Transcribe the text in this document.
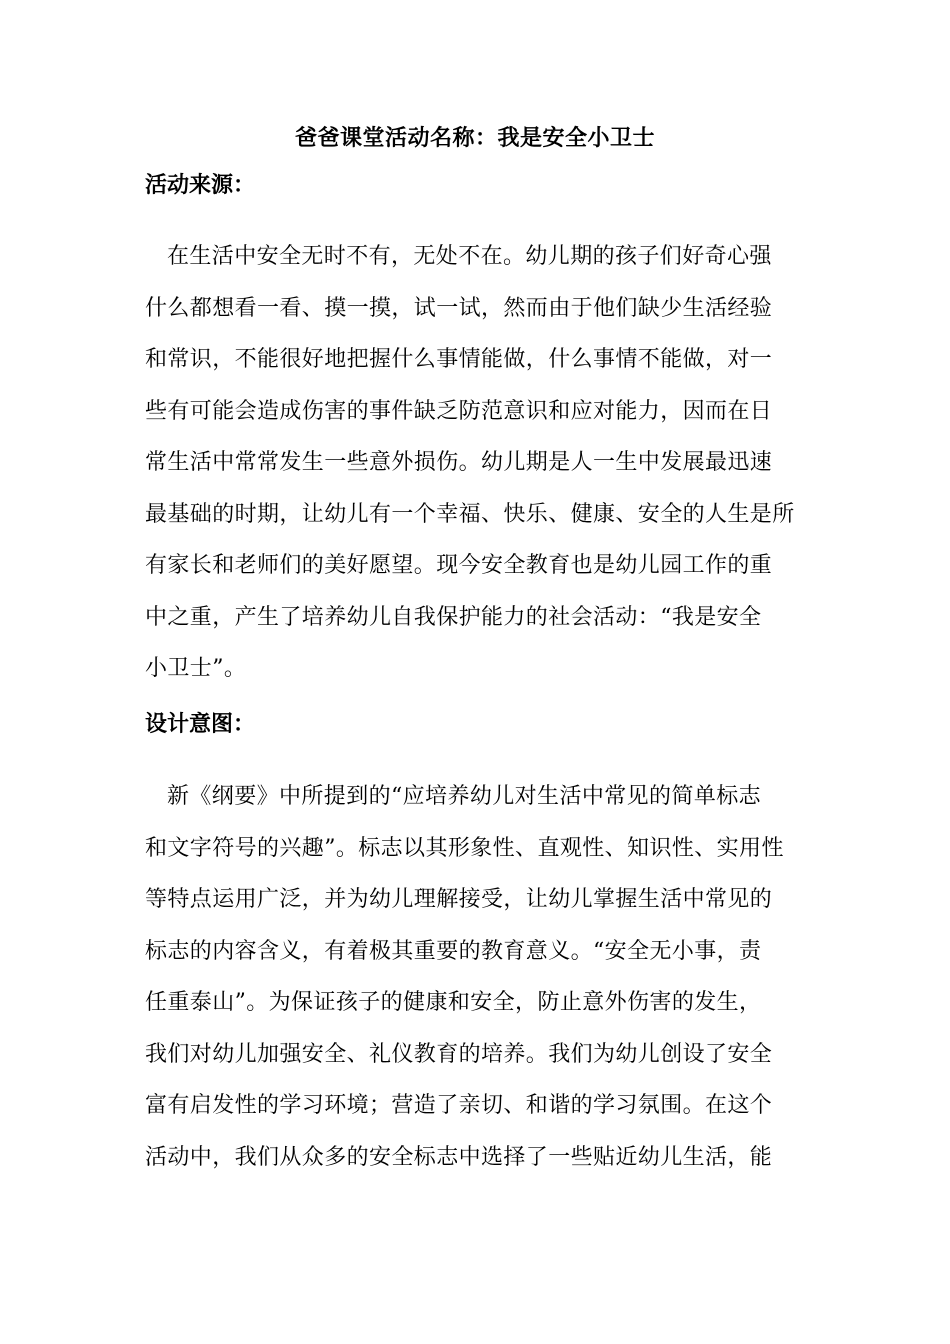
爸爸课堂活动名称：我是安全小卫士
活动来源：
在生活中安全无时不有，无处不在。幼儿期的孩子们好奇心强
什么都想看一看、摸一摸，试一试，然而由于他们缺少生活经验
和常识，不能很好地把握什么事情能做，什么事情不能做，对一
些有可能会造成伤害的事件缺乏防范意识和应对能力，因而在日
常生活中常常发生一些意外损伤。幼儿期是人一生中发展最迅速
最基础的时期，让幼儿有一个幸福、快乐、健康、安全的人生是所
有家长和老师们的美好愿望。现今安全教育也是幼儿园工作的重
中之重，产生了培养幼儿自我保护能力的社会活动：“我是安全
小卫士”。
设计意图：
新《纲要》中所提到的“应培养幼儿对生活中常见的简单标志
和文字符号的兴趣”。标志以其形象性、直观性、知识性、实用性
等特点运用广泛，并为幼儿理解接受，让幼儿掌握生活中常见的
标志的内容含义，有着极其重要的教育意义。“安全无小事，责
任重泰山”。为保证孩子的健康和安全，防止意外伤害的发生，
我们对幼儿加强安全、礼仪教育的培养。我们为幼儿创设了安全
富有启发性的学习环境；营造了亲切、和谐的学习氛围。在这个
活动中，我们从众多的安全标志中选择了一些贴近幼儿生活，能
